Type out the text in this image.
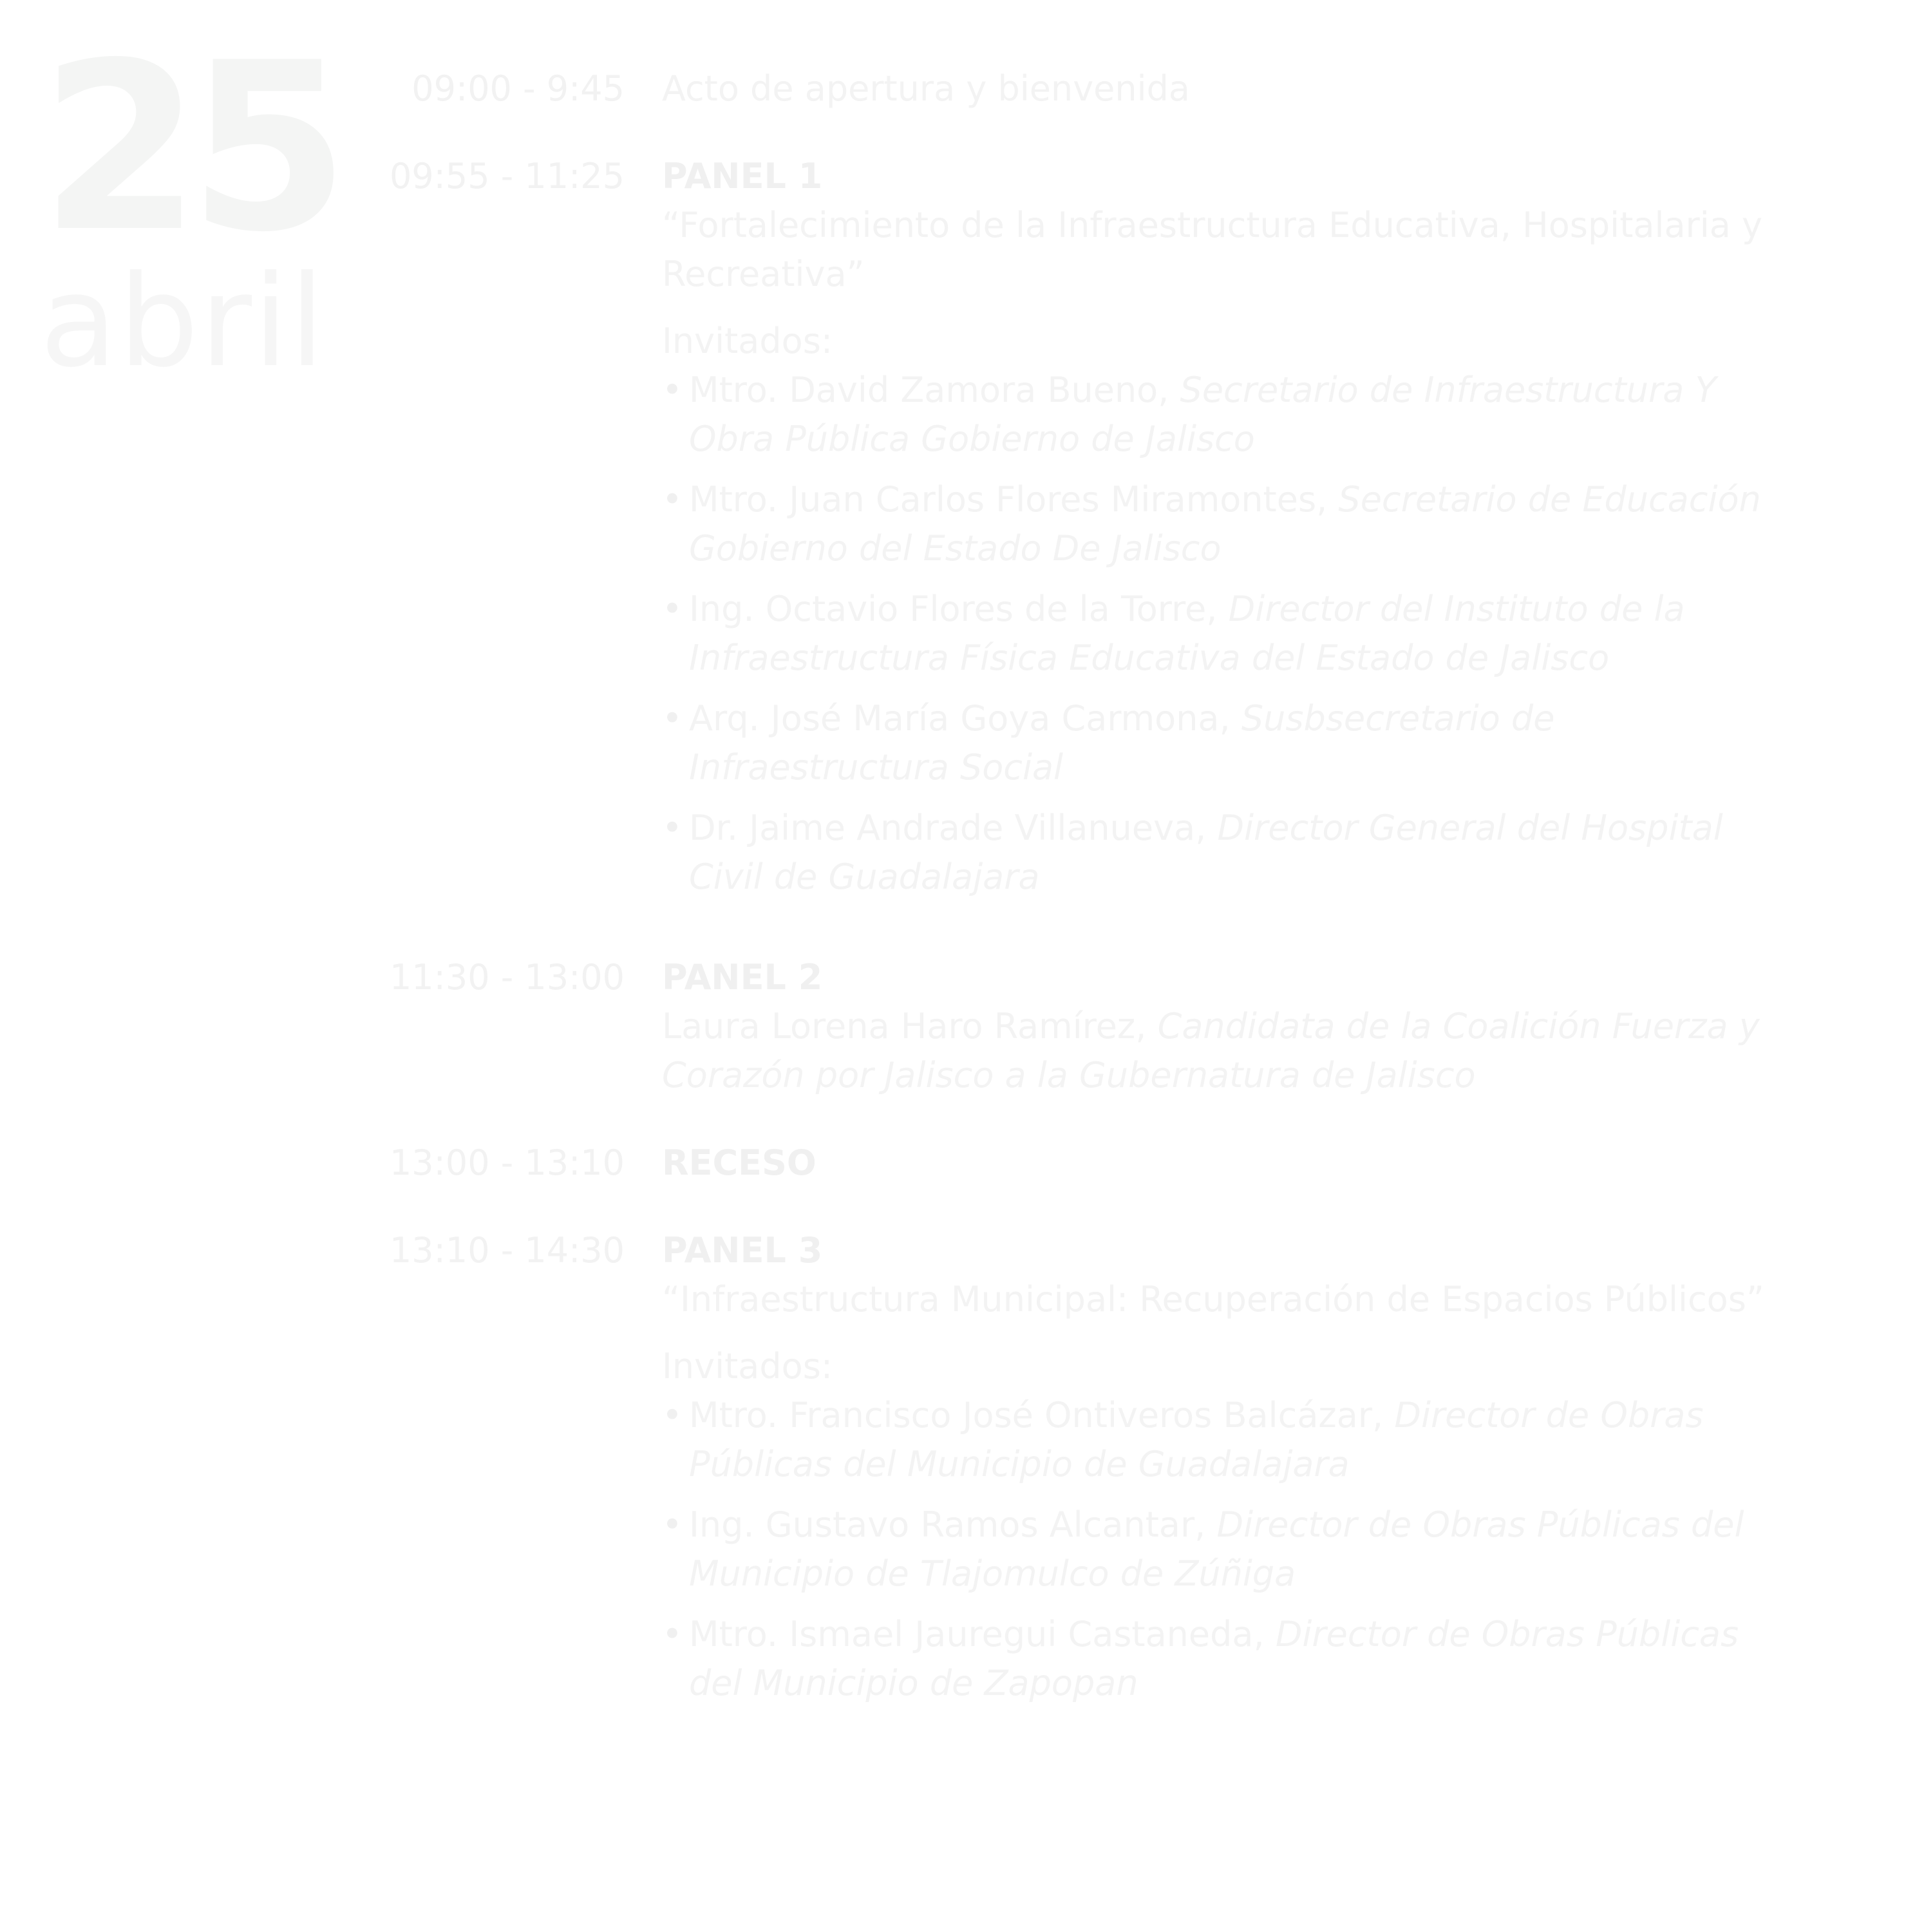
25
abril
09:00 - 9:45	Acto de apertura y bienvenida
09:55 - 11:25	PANEL 1
“Fortalecimiento de la Infraestructura Educativa, Hospitalaria y Recreativa”
Invitados:
• Mtro. David Zamora Bueno, Secretario de Infraestructura Y Obra Pública Gobierno de Jalisco
• Mtro. Juan Carlos Flores Miramontes, Secretario de Educación Gobierno del Estado De Jalisco
• Ing. Octavio Flores de la Torre, Director del Instituto de la Infraestructura Física Educativa del Estado de Jalisco
• Arq. José María Goya Carmona, Susbsecretario de Infraestructura Social
• Dr. Jaime Andrade Villanueva, Director General del Hospital Civil de Guadalajara
11:30 - 13:00	PANEL 2
Laura Lorena Haro Ramírez, Candidata de la Coalición Fuerza y Corazón por Jalisco a la Gubernatura de Jalisco
13:00 - 13:10	RECESO
13:10 - 14:30	PANEL 3
“Infraestructura Municipal: Recuperación de Espacios Públicos”
Invitados:
• Mtro. Francisco José Ontiveros Balcázar, Director de Obras Públicas del Municipio de Guadalajara
• Ing. Gustavo Ramos Alcantar, Director de Obras Públicas del Municipio de Tlajomulco de Zúñiga
• Mtro. Ismael Jauregui Castaneda, Director de Obras Públicas del Municipio de Zapopan
